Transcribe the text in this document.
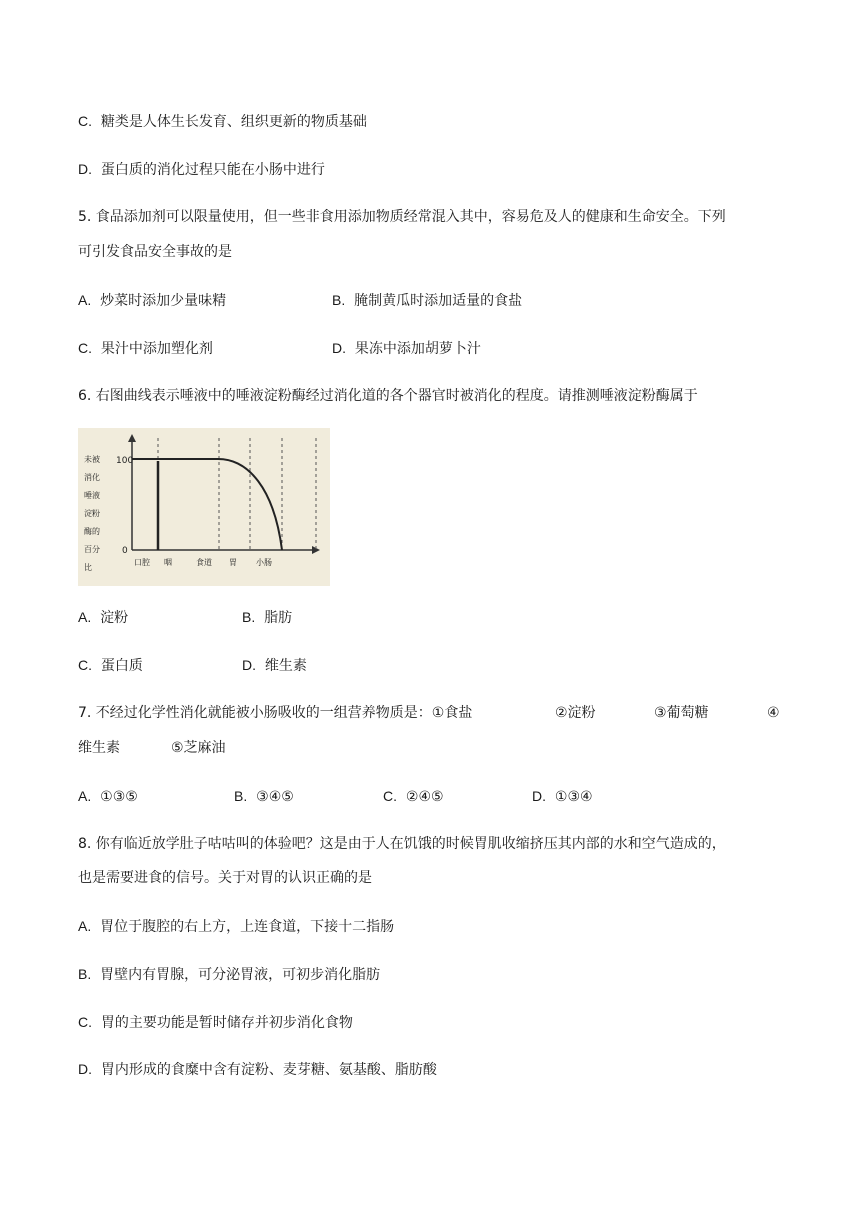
C. 糖类是人体生长发育、组织更新的物质基础
D. 蛋白质的消化过程只能在小肠中进行
5. 食品添加剂可以限量使用，但一些非食用添加物质经常混入其中，容易危及人的健康和生命安全。下列
可引发食品安全事故的是
A. 炒菜时添加少量味精	B. 腌制黄瓜时添加适量的食盐
C. 果汁中添加塑化剂	D. 果冻中添加胡萝卜汁
6. 右图曲线表示唾液中的唾液淀粉酶经过消化道的各个器官时被消化的程度。请推测唾液淀粉酶属于
100
0
未被
消化
唾液
淀粉
酶的
百分
比
口腔 咽	食道 胃 小肠
A. 淀粉	B. 脂肪
C. 蛋白质	D. 维生素
7. 不经过化学性消化就能被小肠吸收的一组营养物质是：①食盐	②淀粉	③葡萄糖	④
维生素	⑤芝麻油
A. ①③⑤	B. ③④⑤	C. ②④⑤	D. ①③④
8. 你有临近放学肚子咕咕叫的体验吧？这是由于人在饥饿的时候胃肌收缩挤压其内部的水和空气造成的，
也是需要进食的信号。关于对胃的认识正确的是
A. 胃位于腹腔的右上方，上连食道，下接十二指肠
B. 胃壁内有胃腺，可分泌胃液，可初步消化脂肪
C. 胃的主要功能是暂时储存并初步消化食物
D. 胃内形成的食糜中含有淀粉、麦芽糖、氨基酸、脂肪酸
